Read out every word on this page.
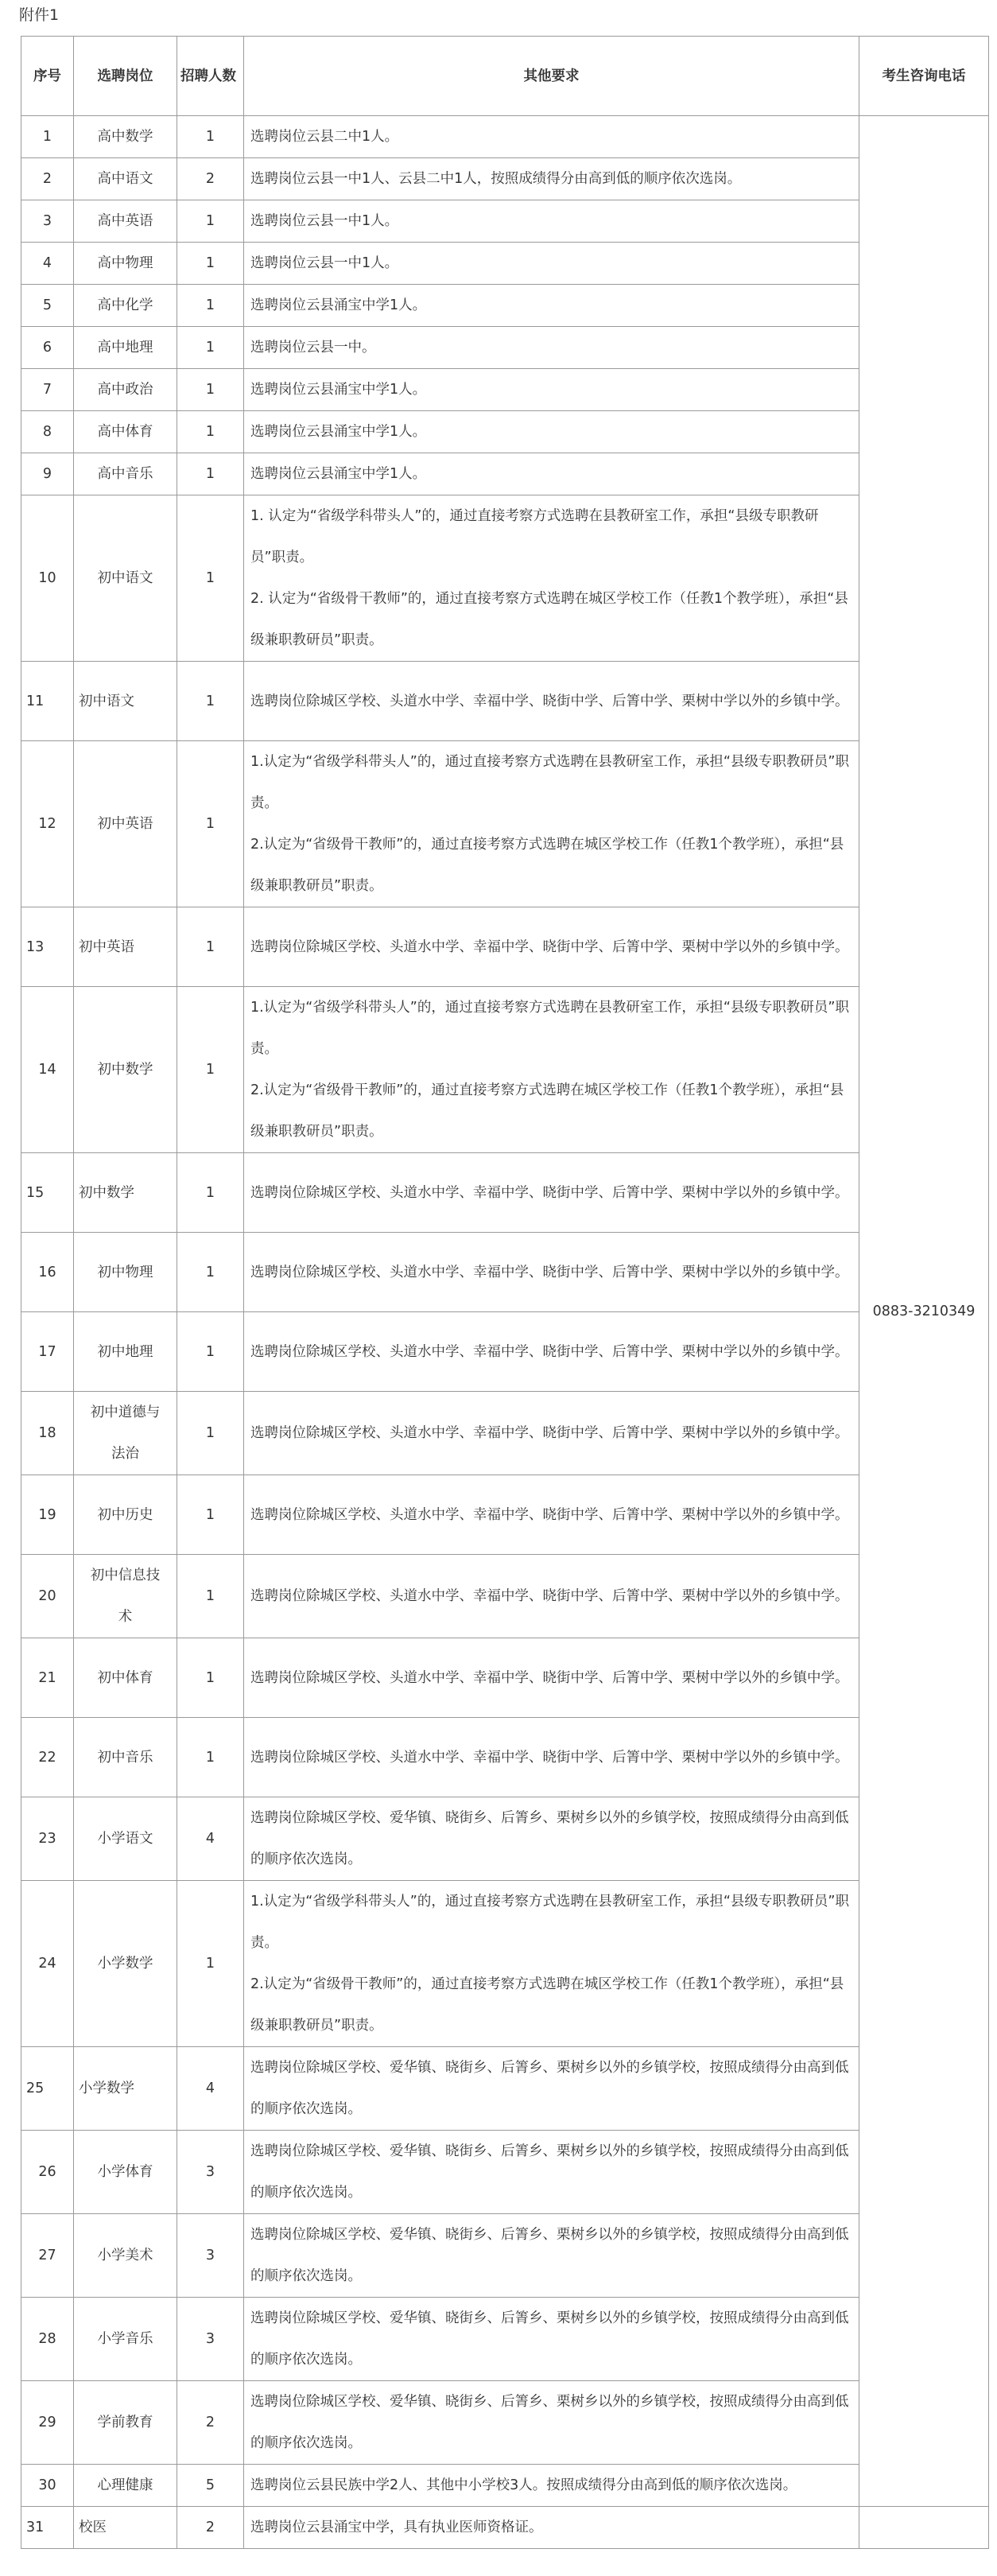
附件1
序号	选聘岗位	招聘人数	其他要求	考生咨询电话
1	高中数学	1	选聘岗位云县二中1人。	0883-3210349
2	高中语文	2	选聘岗位云县一中1人、云县二中1人，按照成绩得分由高到低的顺序依次选岗。	
3	高中英语	1	选聘岗位云县一中1人。	
4	高中物理	1	选聘岗位云县一中1人。	
5	高中化学	1	选聘岗位云县涌宝中学1人。	
6	高中地理	1	选聘岗位云县一中。	
7	高中政治	1	选聘岗位云县涌宝中学1人。	
8	高中体育	1	选聘岗位云县涌宝中学1人。	
9	高中音乐	1	选聘岗位云县涌宝中学1人。	
10	初中语文	1	1. 认定为“省级学科带头人”的，通过直接考察方式选聘在县教研室工作，承担“县级专职教研员”职责。
2. 认定为“省级骨干教师”的，通过直接考察方式选聘在城区学校工作（任教1个教学班），承担“县级兼职教研员”职责。	
11	初中语文	1	选聘岗位除城区学校、头道水中学、幸福中学、晓街中学、后箐中学、栗树中学以外的乡镇中学。	
12	初中英语	1	1.认定为“省级学科带头人”的，通过直接考察方式选聘在县教研室工作，承担“县级专职教研员”职责。
2.认定为“省级骨干教师”的，通过直接考察方式选聘在城区学校工作（任教1个教学班），承担“县级兼职教研员”职责。	
13	初中英语	1	选聘岗位除城区学校、头道水中学、幸福中学、晓街中学、后箐中学、栗树中学以外的乡镇中学。	
14	初中数学	1	1.认定为“省级学科带头人”的，通过直接考察方式选聘在县教研室工作，承担“县级专职教研员”职责。
2.认定为“省级骨干教师”的，通过直接考察方式选聘在城区学校工作（任教1个教学班），承担“县级兼职教研员”职责。	
15	初中数学	1	选聘岗位除城区学校、头道水中学、幸福中学、晓街中学、后箐中学、栗树中学以外的乡镇中学。	
16	初中物理	1	选聘岗位除城区学校、头道水中学、幸福中学、晓街中学、后箐中学、栗树中学以外的乡镇中学。	
17	初中地理	1	选聘岗位除城区学校、头道水中学、幸福中学、晓街中学、后箐中学、栗树中学以外的乡镇中学。	
18	初中道德与法治	1	选聘岗位除城区学校、头道水中学、幸福中学、晓街中学、后箐中学、栗树中学以外的乡镇中学。	
19	初中历史	1	选聘岗位除城区学校、头道水中学、幸福中学、晓街中学、后箐中学、栗树中学以外的乡镇中学。	
20	初中信息技术	1	选聘岗位除城区学校、头道水中学、幸福中学、晓街中学、后箐中学、栗树中学以外的乡镇中学。	
21	初中体育	1	选聘岗位除城区学校、头道水中学、幸福中学、晓街中学、后箐中学、栗树中学以外的乡镇中学。	
22	初中音乐	1	选聘岗位除城区学校、头道水中学、幸福中学、晓街中学、后箐中学、栗树中学以外的乡镇中学。	
23	小学语文	4	选聘岗位除城区学校、爱华镇、晓街乡、后箐乡、栗树乡以外的乡镇学校，按照成绩得分由高到低的顺序依次选岗。	
24	小学数学	1	1.认定为“省级学科带头人”的，通过直接考察方式选聘在县教研室工作，承担“县级专职教研员”职责。
2.认定为“省级骨干教师”的，通过直接考察方式选聘在城区学校工作（任教1个教学班），承担“县级兼职教研员”职责。	
25	小学数学	4	选聘岗位除城区学校、爱华镇、晓街乡、后箐乡、栗树乡以外的乡镇学校，按照成绩得分由高到低的顺序依次选岗。	
26	小学体育	3	选聘岗位除城区学校、爱华镇、晓街乡、后箐乡、栗树乡以外的乡镇学校，按照成绩得分由高到低的顺序依次选岗。	
27	小学美术	3	选聘岗位除城区学校、爱华镇、晓街乡、后箐乡、栗树乡以外的乡镇学校，按照成绩得分由高到低的顺序依次选岗。	
28	小学音乐	3	选聘岗位除城区学校、爱华镇、晓街乡、后箐乡、栗树乡以外的乡镇学校，按照成绩得分由高到低的顺序依次选岗。	
29	学前教育	2	选聘岗位除城区学校、爱华镇、晓街乡、后箐乡、栗树乡以外的乡镇学校，按照成绩得分由高到低的顺序依次选岗。	
30	心理健康	5	选聘岗位云县民族中学2人、其他中小学校3人。按照成绩得分由高到低的顺序依次选岗。	
31	校医	2	选聘岗位云县涌宝中学，具有执业医师资格证。	
